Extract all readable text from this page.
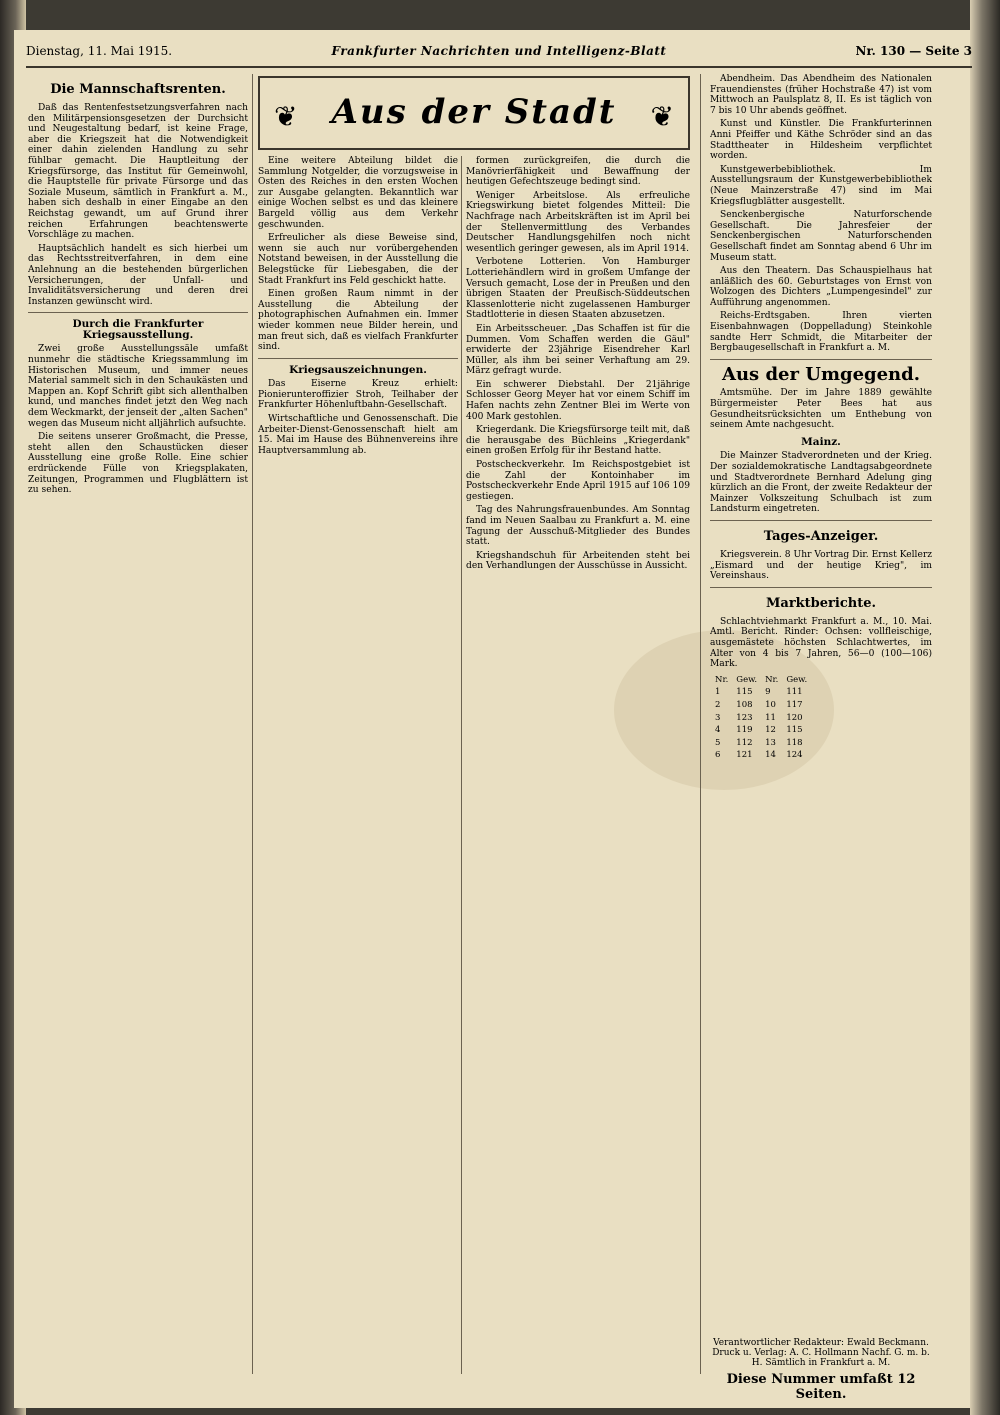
Dienstag, 11. Mai 1915.	Frankfurter Nachrichten und Intelligenz-Blatt	Nr. 130 — Seite 3
Die Mannschaftsrenten.

Daß das Rentenfestsetzungsverfahren nach den Militärpensionsgesetzen der Durchsicht und Neugestaltung bedarf, ist keine Frage, aber die Kriegszeit hat die Notwendigkeit einer dahin zielenden Handlung zu sehr fühlbar gemacht. Die Hauptleitung der Kriegsfürsorge, das Institut für Gemeinwohl, die Hauptstelle für private Fürsorge und das Soziale Museum, sämtlich in Frankfurt a. M., haben sich deshalb in einer Eingabe an den Reichstag gewandt, um auf Grund ihrer reichen Erfahrungen beachtenswerte Vorschläge zu machen.

Hauptsächlich handelt es sich hierbei um das Rechtsstreitverfahren, in dem eine Anlehnung an die bestehenden bürgerlichen Versicherungen, der Unfall- und Invaliditätsversicherung und deren drei Instanzen gewünscht wird.

Durch die Frankfurter Kriegsausstellung.

Zwei große Ausstellungssäle umfaßt nunmehr die städtische Kriegssammlung im Historischen Museum, und immer neues Material sammelt sich in den Schaukästen und Mappen an. Kopf Schrift gibt sich allenthalben kund, und manches findet jetzt den Weg nach dem Weckmarkt, der jenseit der „alten Sachen" wegen das Museum nicht alljährlich aufsuchte.

Die seitens unserer Großmacht, die Presse, steht allen den Schaustücken dieser Ausstellung eine große Rolle. Eine schier erdrückende Fülle von Kriegsplakaten, Zeitungen, Programmen und Flugblättern ist zu sehen.

❦	Aus der Stadt	❦

Eine weitere Abteilung bildet die Sammlung Notgelder, die vorzugsweise in Osten des Reiches in den ersten Wochen zur Ausgabe gelangten. Bekanntlich war einige Wochen selbst es und das kleinere Bargeld völlig aus dem Verkehr geschwunden.

Erfreulicher als diese Beweise sind, wenn sie auch nur vorübergehenden Notstand beweisen, in der Ausstellung die Belegstücke für Liebesgaben, die der Stadt Frankfurt ins Feld geschickt hatte.

Einen großen Raum nimmt in der Ausstellung die Abteilung der photographischen Aufnahmen ein. Immer wieder kommen neue Bilder herein, und man freut sich, daß es vielfach Frankfurter sind.

Kriegsauszeichnungen.

Das Eiserne Kreuz erhielt: Pionierunteroffizier Stroh, Teilhaber der Frankfurter Höhenluftbahn-Gesellschaft.

Wirtschaftliche und Genossenschaft. Die Arbeiter-Dienst-Genossenschaft hielt am 15. Mai im Hause des Bühnenvereins ihre Hauptversammlung ab.

formen zurückgreifen, die durch die Manövrierfähigkeit und Bewaffnung der heutigen Gefechtszeuge bedingt sind.

Weniger Arbeitslose. Als erfreuliche Kriegswirkung bietet folgendes Mitteil: Die Nachfrage nach Arbeitskräften ist im April bei der Stellenvermittlung des Verbandes Deutscher Handlungsgehilfen noch nicht wesentlich geringer gewesen, als im April 1914.

Verbotene Lotterien. Von Hamburger Lotteriehändlern wird in großem Umfange der Versuch gemacht, Lose der in Preußen und den übrigen Staaten der Preußisch-Süddeutschen Klassenlotterie nicht zugelassenen Hamburger Stadtlotterie in diesen Staaten abzusetzen.

Ein Arbeitsscheuer. „Das Schaffen ist für die Dummen. Vom Schaffen werden die Gäul" erwiderte der 23jährige Eisendreher Karl Müller, als ihm bei seiner Verhaftung am 29. März gefragt wurde.

Ein schwerer Diebstahl. Der 21jährige Schlosser Georg Meyer hat vor einem Schiff im Hafen nachts zehn Zentner Blei im Werte von 400 Mark gestohlen.

Kriegerdank. Die Kriegsfürsorge teilt mit, daß die herausgabe des Büchleins „Kriegerdank" einen großen Erfolg für ihr Bestand hatte.

Postscheckverkehr. Im Reichspostgebiet ist die Zahl der Kontoinhaber im Postscheckverkehr Ende April 1915 auf 106 109 gestiegen.

Tag des Nahrungsfrauenbundes. Am Sonntag fand im Neuen Saalbau zu Frankfurt a. M. eine Tagung der Ausschuß-Mitglieder des Bundes statt.

Kriegshandschuh für Arbeitenden steht bei den Verhandlungen der Ausschüsse in Aussicht.

Abendheim. Das Abendheim des Nationalen Frauendienstes (früher Hochstraße 47) ist vom Mittwoch an Paulsplatz 8, II. Es ist täglich von 7 bis 10 Uhr abends geöffnet.

Kunst und Künstler. Die Frankfurterinnen Anni Pfeiffer und Käthe Schröder sind an das Stadttheater in Hildesheim verpflichtet worden.

Kunstgewerbebibliothek. Im Ausstellungsraum der Kunstgewerbebibliothek (Neue Mainzerstraße 47) sind im Mai Kriegsflugblätter ausgestellt.

Senckenbergische Naturforschende Gesellschaft. Die Jahresfeier der Senckenbergischen Naturforschenden Gesellschaft findet am Sonntag abend 6 Uhr im Museum statt.

Aus den Theatern. Das Schauspielhaus hat anläßlich des 60. Geburtstages von Ernst von Wolzogen des Dichters „Lumpengesindel" zur Aufführung angenommen.

Reichs-Erdtsgaben. Ihren vierten Eisenbahnwagen (Doppelladung) Steinkohle sandte Herr Schmidt, die Mitarbeiter der Bergbaugesellschaft in Frankfurt a. M.

Aus der Umgegend.

Amtsmühe. Der im Jahre 1889 gewählte Bürgermeister Peter Bees hat aus Gesundheitsrücksichten um Enthebung von seinem Amte nachgesucht.

Mainz.

Die Mainzer Stadverordneten und der Krieg. Der sozialdemokratische Landtagsabgeordnete und Stadtverordnete Bernhard Adelung ging kürzlich an die Front, der zweite Redakteur der Mainzer Volkszeitung Schulbach ist zum Landsturm eingetreten.

Tages-Anzeiger.

Kriegsverein. 8 Uhr Vortrag Dir. Ernst Kellerz „Eismard und der heutige Krieg", im Vereinshaus.

Marktberichte.

Schlachtviehmarkt Frankfurt a. M., 10. Mai. Amtl. Bericht. Rinder: Ochsen: vollfleischige, ausgemästete höchsten Schlachtwertes, im Alter von 4 bis 7 Jahren, 56—0 (100—106) Mark.

Nr.	Gew.	Nr.	Gew.
1	115	9	111
2	108	10	117
3	123	11	120
4	119	12	115
5	112	13	118
6	121	14	124
Verantwortlicher Redakteur: Ewald Beckmann.
Druck u. Verlag: A. C. Hollmann Nachf. G. m. b. H. Sämtlich in Frankfurt a. M.
Diese Nummer umfaßt 12 Seiten.
